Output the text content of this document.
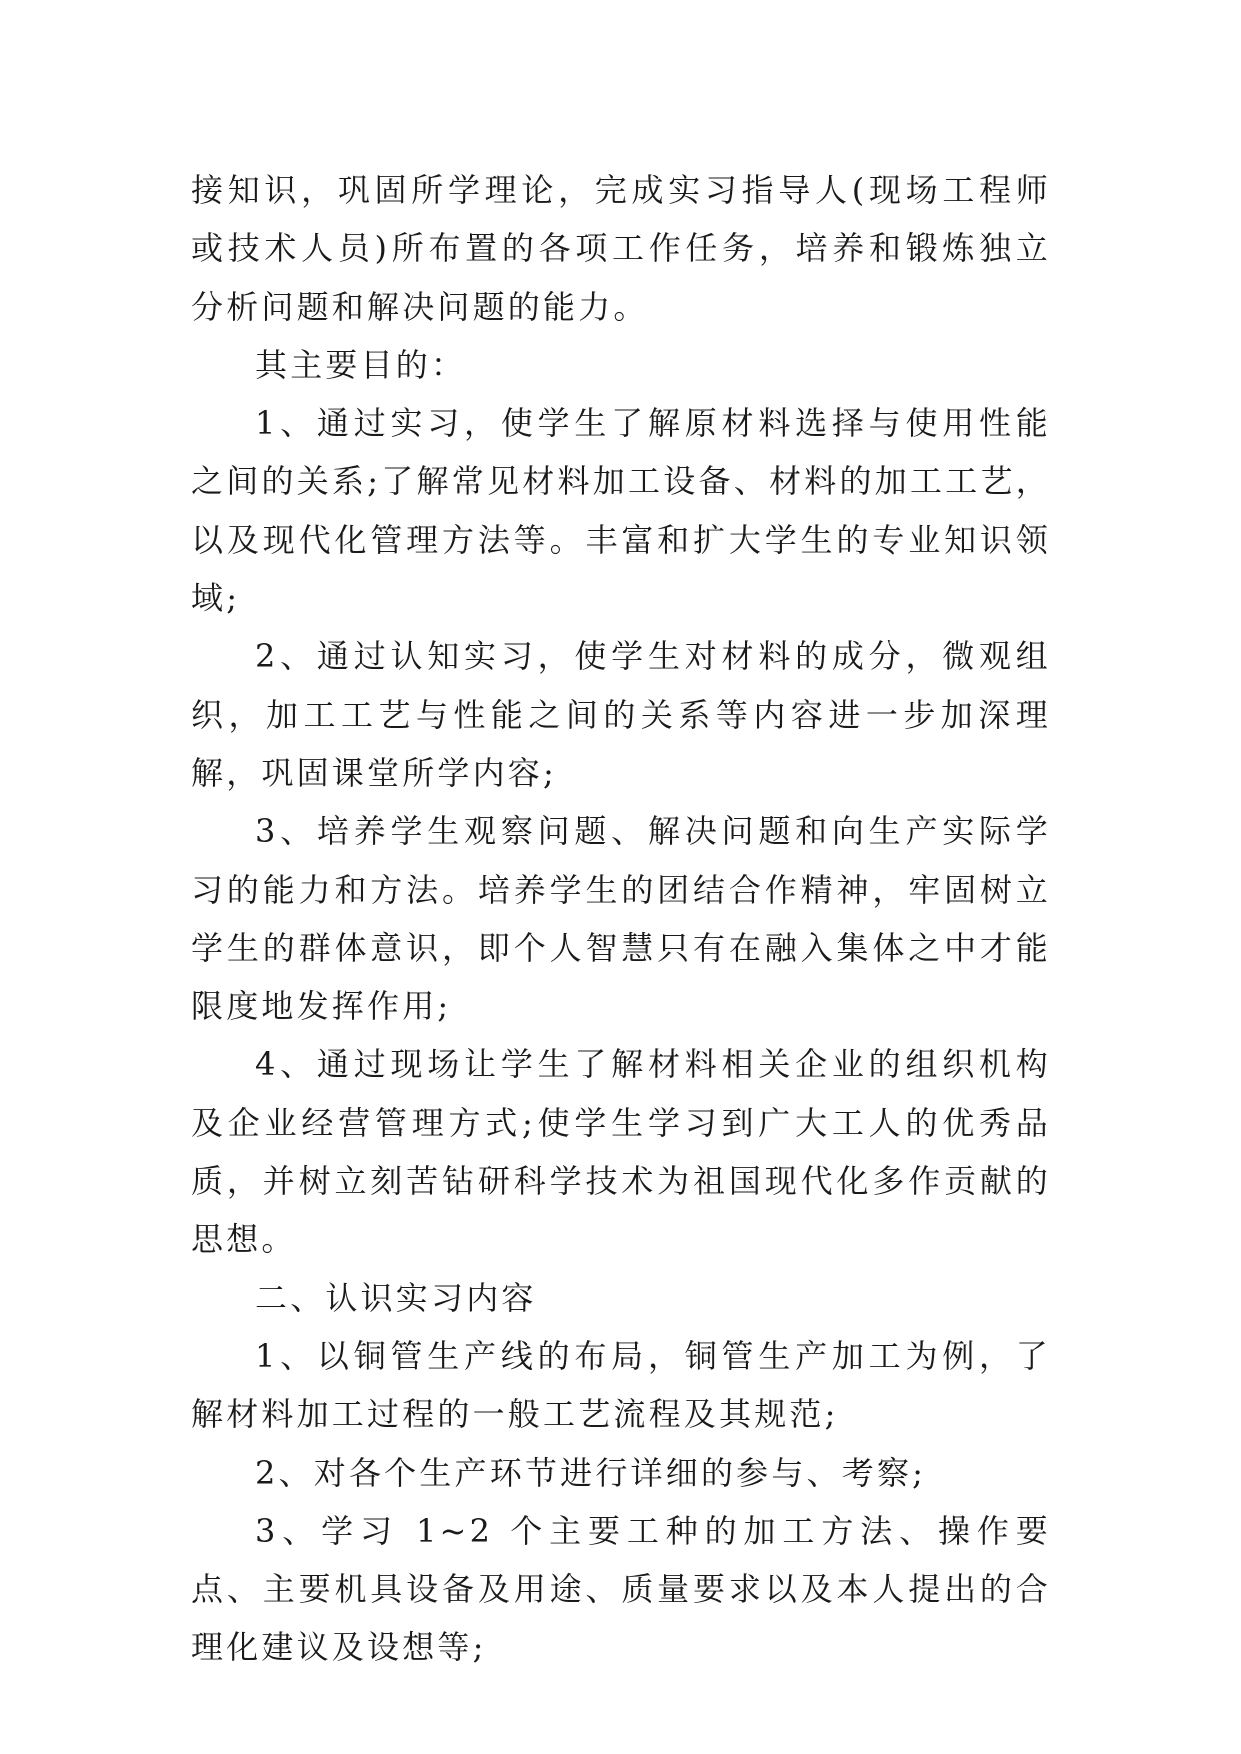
接知识，巩固所学理论，完成实习指导人(现场工程师或技术人员)所布置的各项工作任务，培养和锻炼独立分析问题和解决问题的能力。

其主要目的：

1、通过实习，使学生了解原材料选择与使用性能之间的关系;了解常见材料加工设备、材料的加工工艺，以及现代化管理方法等。丰富和扩大学生的专业知识领域;

2、通过认知实习，使学生对材料的成分，微观组织，加工工艺与性能之间的关系等内容进一步加深理解，巩固课堂所学内容;

3、培养学生观察问题、解决问题和向生产实际学习的能力和方法。培养学生的团结合作精神，牢固树立学生的群体意识，即个人智慧只有在融入集体之中才能限度地发挥作用;

4、通过现场让学生了解材料相关企业的组织机构及企业经营管理方式;使学生学习到广大工人的优秀品质，并树立刻苦钻研科学技术为祖国现代化多作贡献的思想。

二、认识实习内容

1、以铜管生产线的布局，铜管生产加工为例，了解材料加工过程的一般工艺流程及其规范;

2、对各个生产环节进行详细的参与、考察;

3、学习 1~2 个主要工种的加工方法、操作要点、主要机具设备及用途、质量要求以及本人提出的合理化建议及设想等;
